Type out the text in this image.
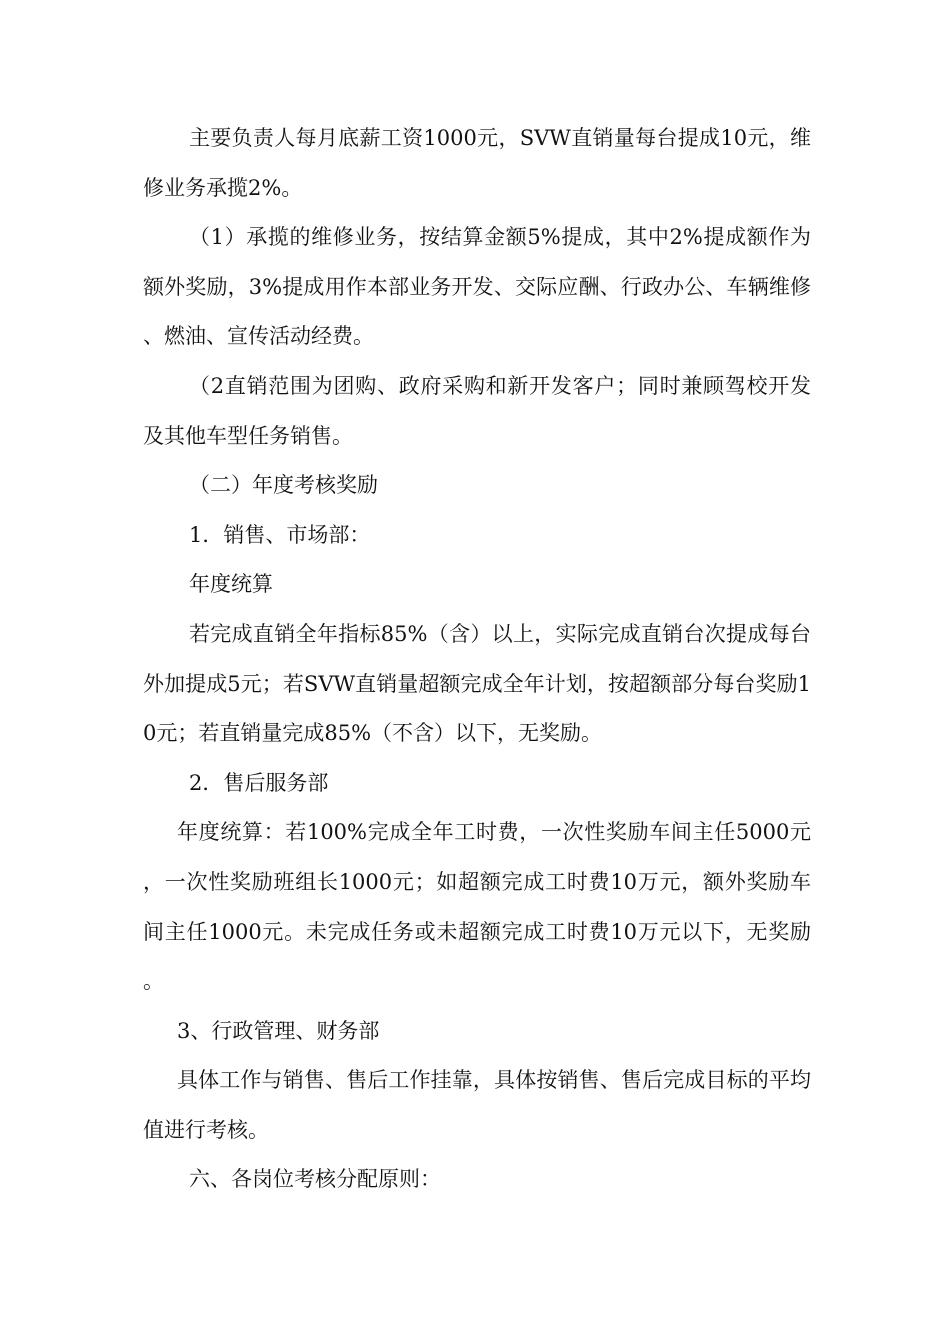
主要负责人每月底薪工资1000元，SVW直销量每台提成10元，维修业务承揽2%。

（1）承揽的维修业务，按结算金额5%提成，其中2%提成额作为额外奖励，3%提成用作本部业务开发、交际应酬、行政办公、车辆维修、燃油、宣传活动经费。

（2直销范围为团购、政府采购和新开发客户；同时兼顾驾校开发及其他车型任务销售。

（二）年度考核奖励

1．销售、市场部：

年度统算

若完成直销全年指标85%（含）以上，实际完成直销台次提成每台外加提成5元；若SVW直销量超额完成全年计划，按超额部分每台奖励10元；若直销量完成85%（不含）以下，无奖励。

2．售后服务部

年度统算：若100%完成全年工时费，一次性奖励车间主任5000元，一次性奖励班组长1000元；如超额完成工时费10万元，额外奖励车间主任1000元。未完成任务或未超额完成工时费10万元以下，无奖励。

3、行政管理、财务部

具体工作与销售、售后工作挂靠，具体按销售、售后完成目标的平均值进行考核。

六、各岗位考核分配原则：
